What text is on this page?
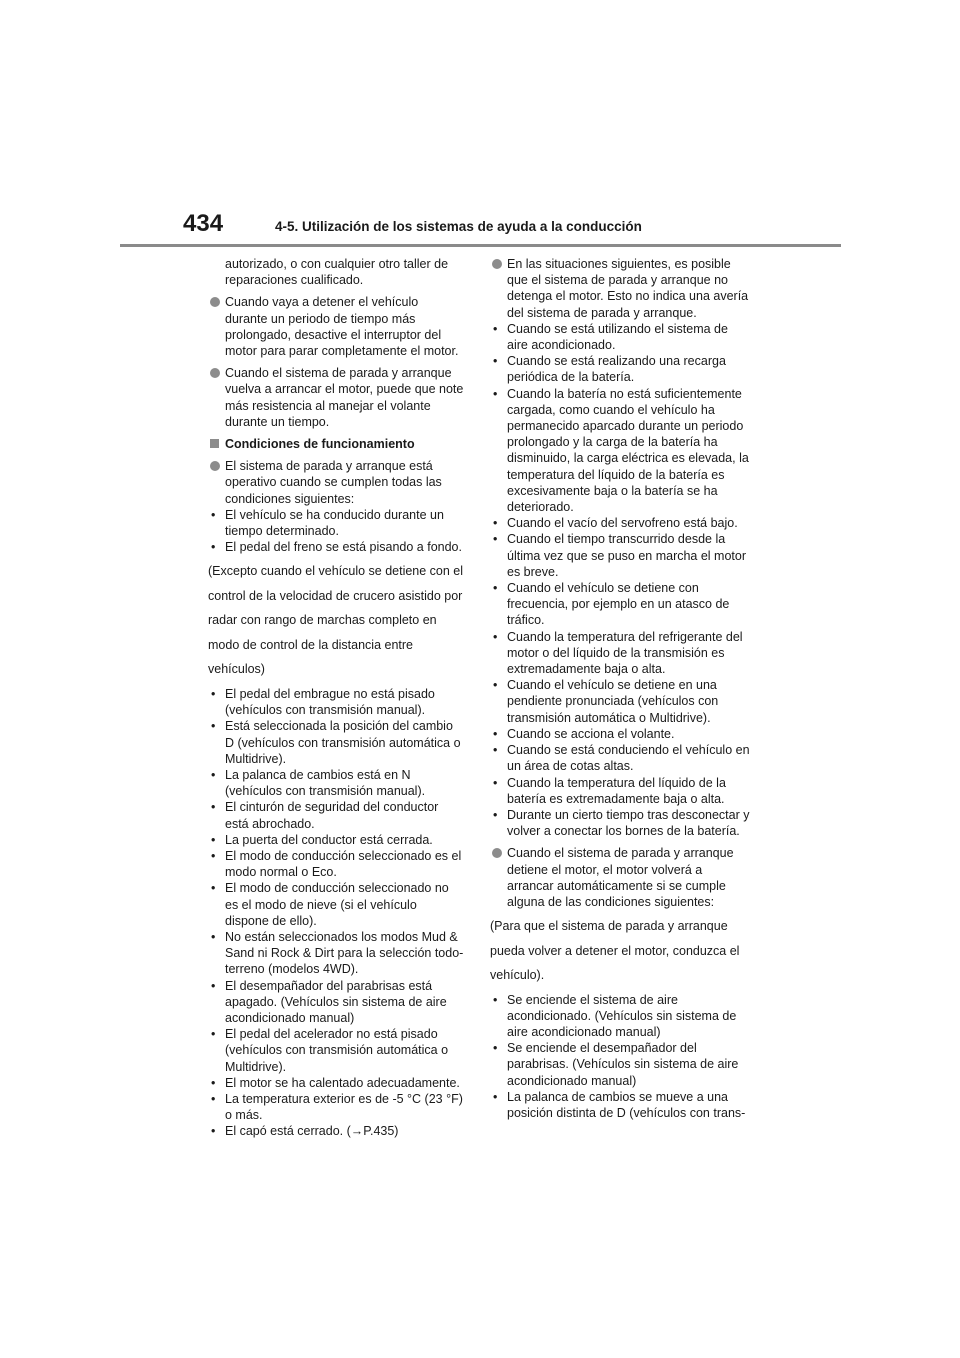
434	4-5. Utilización de los sistemas de ayuda a la conducción

autorizado, o con cualquier otro taller de reparaciones cualificado.

Cuando vaya a detener el vehículo durante un periodo de tiempo más prolongado, desactive el interruptor del motor para parar completamente el motor.
Cuando el sistema de parada y arranque vuelva a arrancar el motor, puede que note más resistencia al manejar el volante durante un tiempo.
Condiciones de funcionamiento
El sistema de parada y arranque está operativo cuando se cumplen todas las condiciones siguientes:
• El vehículo se ha conducido durante un tiempo determinado.
• El pedal del freno se está pisando a fondo.

(Excepto cuando el vehículo se detiene con el control de la velocidad de crucero asistido por radar con rango de marchas completo en modo de control de la distancia entre vehículos)

• El pedal del embrague no está pisado (vehículos con transmisión manual).
• Está seleccionada la posición del cambio D (vehículos con transmisión automática o Multidrive).
• La palanca de cambios está en N (vehículos con transmisión manual).
• El cinturón de seguridad del conductor está abrochado.
• La puerta del conductor está cerrada.
• El modo de conducción seleccionado es el modo normal o Eco.
• El modo de conducción seleccionado no es el modo de nieve (si el vehículo dispone de ello).
• No están seleccionados los modos Mud & Sand ni Rock & Dirt para la selección todo-terreno (modelos 4WD).
• El desempañador del parabrisas está apagado. (Vehículos sin sistema de aire acondicionado manual)
• El pedal del acelerador no está pisado (vehículos con transmisión automática o Multidrive).
• El motor se ha calentado adecuadamente.
• La temperatura exterior es de -5 °C (23 °F) o más.
• El capó está cerrado. (→P.435)
En las situaciones siguientes, es posible que el sistema de parada y arranque no detenga el motor. Esto no indica una avería del sistema de parada y arranque.
• Cuando se está utilizando el sistema de aire acondicionado.
• Cuando se está realizando una recarga periódica de la batería.
• Cuando la batería no está suficientemente cargada, como cuando el vehículo ha permanecido aparcado durante un periodo prolongado y la carga de la batería ha disminuido, la carga eléctrica es elevada, la temperatura del líquido de la batería es excesivamente baja o la batería se ha deteriorado.
• Cuando el vacío del servofreno está bajo.
• Cuando el tiempo transcurrido desde la última vez que se puso en marcha el motor es breve.
• Cuando el vehículo se detiene con frecuencia, por ejemplo en un atasco de tráfico.
• Cuando la temperatura del refrigerante del motor o del líquido de la transmisión es extremadamente baja o alta.
• Cuando el vehículo se detiene en una pendiente pronunciada (vehículos con transmisión automática o Multidrive).
• Cuando se acciona el volante.
• Cuando se está conduciendo el vehículo en un área de cotas altas.
• Cuando la temperatura del líquido de la batería es extremadamente baja o alta.
• Durante un cierto tiempo tras desconectar y volver a conectar los bornes de la batería.
Cuando el sistema de parada y arranque detiene el motor, el motor volverá a arrancar automáticamente si se cumple alguna de las condiciones siguientes:

(Para que el sistema de parada y arranque pueda volver a detener el motor, conduzca el vehículo).

• Se enciende el sistema de aire acondicionado. (Vehículos sin sistema de aire acondicionado manual)
• Se enciende el desempañador del parabrisas. (Vehículos sin sistema de aire acondicionado manual)
• La palanca de cambios se mueve a una posición distinta de D (vehículos con trans-
